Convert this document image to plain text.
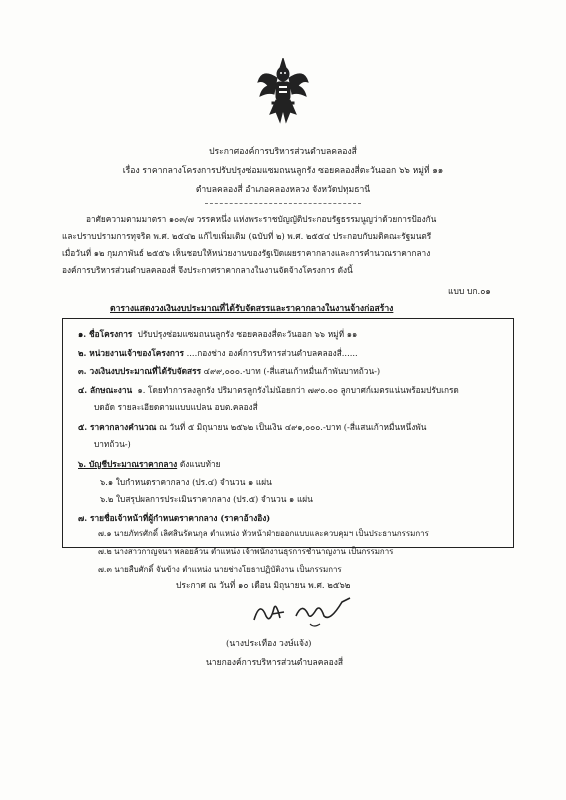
ประกาศองค์การบริหารส่วนตำบลคลองสี่
เรื่อง ราคากลางโครงการปรับปรุงซ่อมแซมถนนลูกรัง ซอยคลองสี่ตะวันออก ๖๖ หมู่ที่ ๑๑
ตำบลคลองสี่ อำเภอคลองหลวง จังหวัดปทุมธานี

อาศัยความตามมาตรา ๑๐๓/๗ วรรคหนึ่ง แห่งพระราชบัญญัติประกอบรัฐธรรมนูญว่าด้วยการป้องกัน

และปราบปรามการทุจริต พ.ศ. ๒๕๔๒ แก้ไขเพิ่มเติม (ฉบับที่ ๒) พ.ศ. ๒๕๕๔ ประกอบกับมติคณะรัฐมนตรี

เมื่อวันที่ ๑๒ กุมภาพันธ์ ๒๕๕๖ เห็นชอบให้หน่วยงานของรัฐเปิดเผยราคากลางและการคำนวณราคากลาง

องค์การบริหารส่วนตำบลคลองสี่ จึงประกาศราคากลางในงานจัดจ้างโครงการ ดังนี้

แบบ บก.๐๑
ตารางแสดงวงเงินงบประมาณที่ได้รับจัดสรรและราคากลางในงานจ้างก่อสร้าง
๑. ชื่อโครงการ ปรับปรุงซ่อมแซมถนนลูกรัง ซอยคลองสี่ตะวันออก ๖๖ หมู่ที่ ๑๑
๒. หน่วยงานเจ้าของโครงการ ....กองช่าง องค์การบริหารส่วนตำบลคลองสี่......
๓. วงเงินงบประมาณที่ได้รับจัดสรร ๔๙๙,๐๐๐.-บาท (-สี่แสนเก้าหมื่นเก้าพันบาทถ้วน-)
๔. ลักษณะงาน ๑. โดยทำการลงลูกรัง ปริมาตรลูกรังไม่น้อยกว่า ๗๙๐.๐๐ ลูกบาศก์เมตรแน่นพร้อมปรับเกรด
บดอัด รายละเอียดตามแบบแปลน อบต.คลองสี่
๕. ราคากลางคำนวณ ณ วันที่ ๕ มิถุนายน ๒๕๖๒ เป็นเงิน ๔๙๑,๐๐๐.-บาท (-สี่แสนเก้าหมื่นหนึ่งพัน
บาทถ้วน-)
๖. บัญชีประมาณราคากลาง ดังแนบท้าย
๖.๑ ใบกำหนดราคากลาง (ปร.๔) จำนวน ๑ แผ่น
๖.๒ ใบสรุปผลการประเมินราคากลาง (ปร.๕) จำนวน ๑ แผ่น
๗. รายชื่อเจ้าหน้าที่ผู้กำหนดราคากลาง (ราคาอ้างอิง)
๗.๑ นายภัทรศักดิ์ เลิศสินรัตนกุล ตำแหน่ง หัวหน้าฝ่ายออกแบบและควบคุมฯ เป็นประธานกรรมการ
๗.๒ นางสาวกาญจนา พลอยล้วน ตำแหน่ง เจ้าพนักงานธุรการชำนาญงาน เป็นกรรมการ
๗.๓ นายสืบศักดิ์ จันข้าง ตำแหน่ง นายช่างโยธาปฏิบัติงาน เป็นกรรมการ
ประกาศ ณ วันที่ ๑๐ เดือน มิถุนายน พ.ศ. ๒๕๖๒
(นางประเทือง วงษ์แจ้ง)
นายกองค์การบริหารส่วนตำบลคลองสี่
